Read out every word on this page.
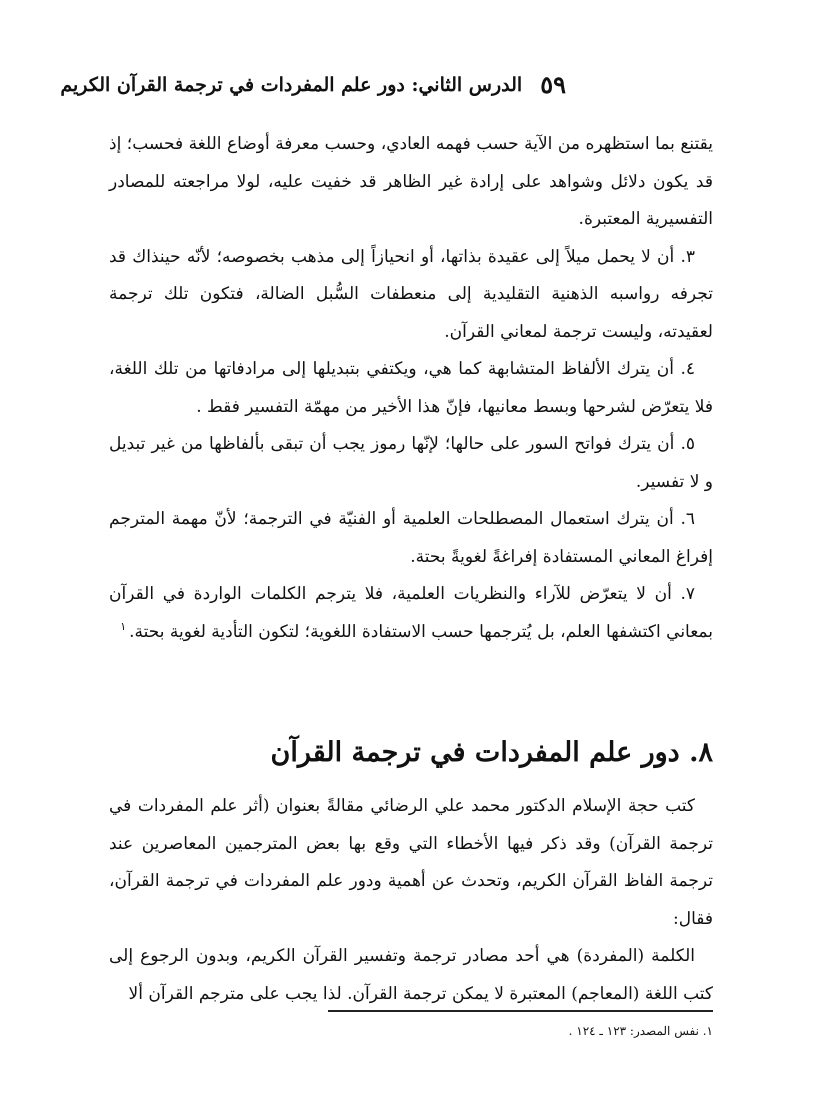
٥٩
الدرس الثاني: دور علم المفردات في ترجمة القرآن الكريم

يقتنع بما استظهره من الآية حسب فهمه العادي، وحسب معرفة أوضاع اللغة فحسب؛ إذ قد يكون دلائل وشواهد على إرادة غير الظاهر قد خفيت عليه، لولا مراجعته للمصادر التفسيرية المعتبرة.

٣. أن لا يحمل ميلاً إلى عقيدة بذاتها، أو انحيازاً إلى مذهب بخصوصه؛ لأنّه حينذاك قد تجرفه رواسبه الذهنية التقليدية إلى منعطفات السُّبل الضالة، فتكون تلك ترجمة لعقيدته، وليست ترجمة لمعاني القرآن.

٤. أن يترك الألفاظ المتشابهة كما هي، ويكتفي بتبديلها إلى مرادفاتها من تلك اللغة، فلا يتعرّض لشرحها وبسط معانيها، فإنّ هذا الأخير من مهمّة التفسير فقط .

٥. أن يترك فواتح السور على حالها؛ لإنّها رموز يجب أن تبقى بألفاظها من غير تبديل و لا تفسير.

٦. أن يترك استعمال المصطلحات العلمية أو الفنيّة في الترجمة؛ لأنّ مهمة المترجم إفراغ المعاني المستفادة إفراغةً لغويةً بحتة.

٧. أن لا يتعرّض للآراء والنظريات العلمية، فلا يترجم الكلمات الواردة في القرآن بمعاني اكتشفها العلم، بل يُترجمها حسب الاستفادة اللغوية؛ لتكون التأدية لغوية بحتة.$^١$

٨. دور علم المفردات في ترجمة القرآن

كتب حجة الإسلام الدكتور محمد علي الرضائي مقالةً بعنوان (أثر علم المفردات في ترجمة القرآن) وقد ذكر فيها الأخطاء التي وقع بها بعض المترجمين المعاصرين عند ترجمة الفاظ القرآن الكريم، وتحدث عن أهمية ودور علم المفردات في ترجمة القرآن، فقال:

الكلمة (المفردة) هي أحد مصادر ترجمة وتفسير القرآن الكريم، وبدون الرجوع إلى كتب اللغة (المعاجم) المعتبرة لا يمكن ترجمة القرآن. لذا يجب على مترجم القرآن ألا

١. نفس المصدر: ١٢٣ ـ ١٢٤ .
